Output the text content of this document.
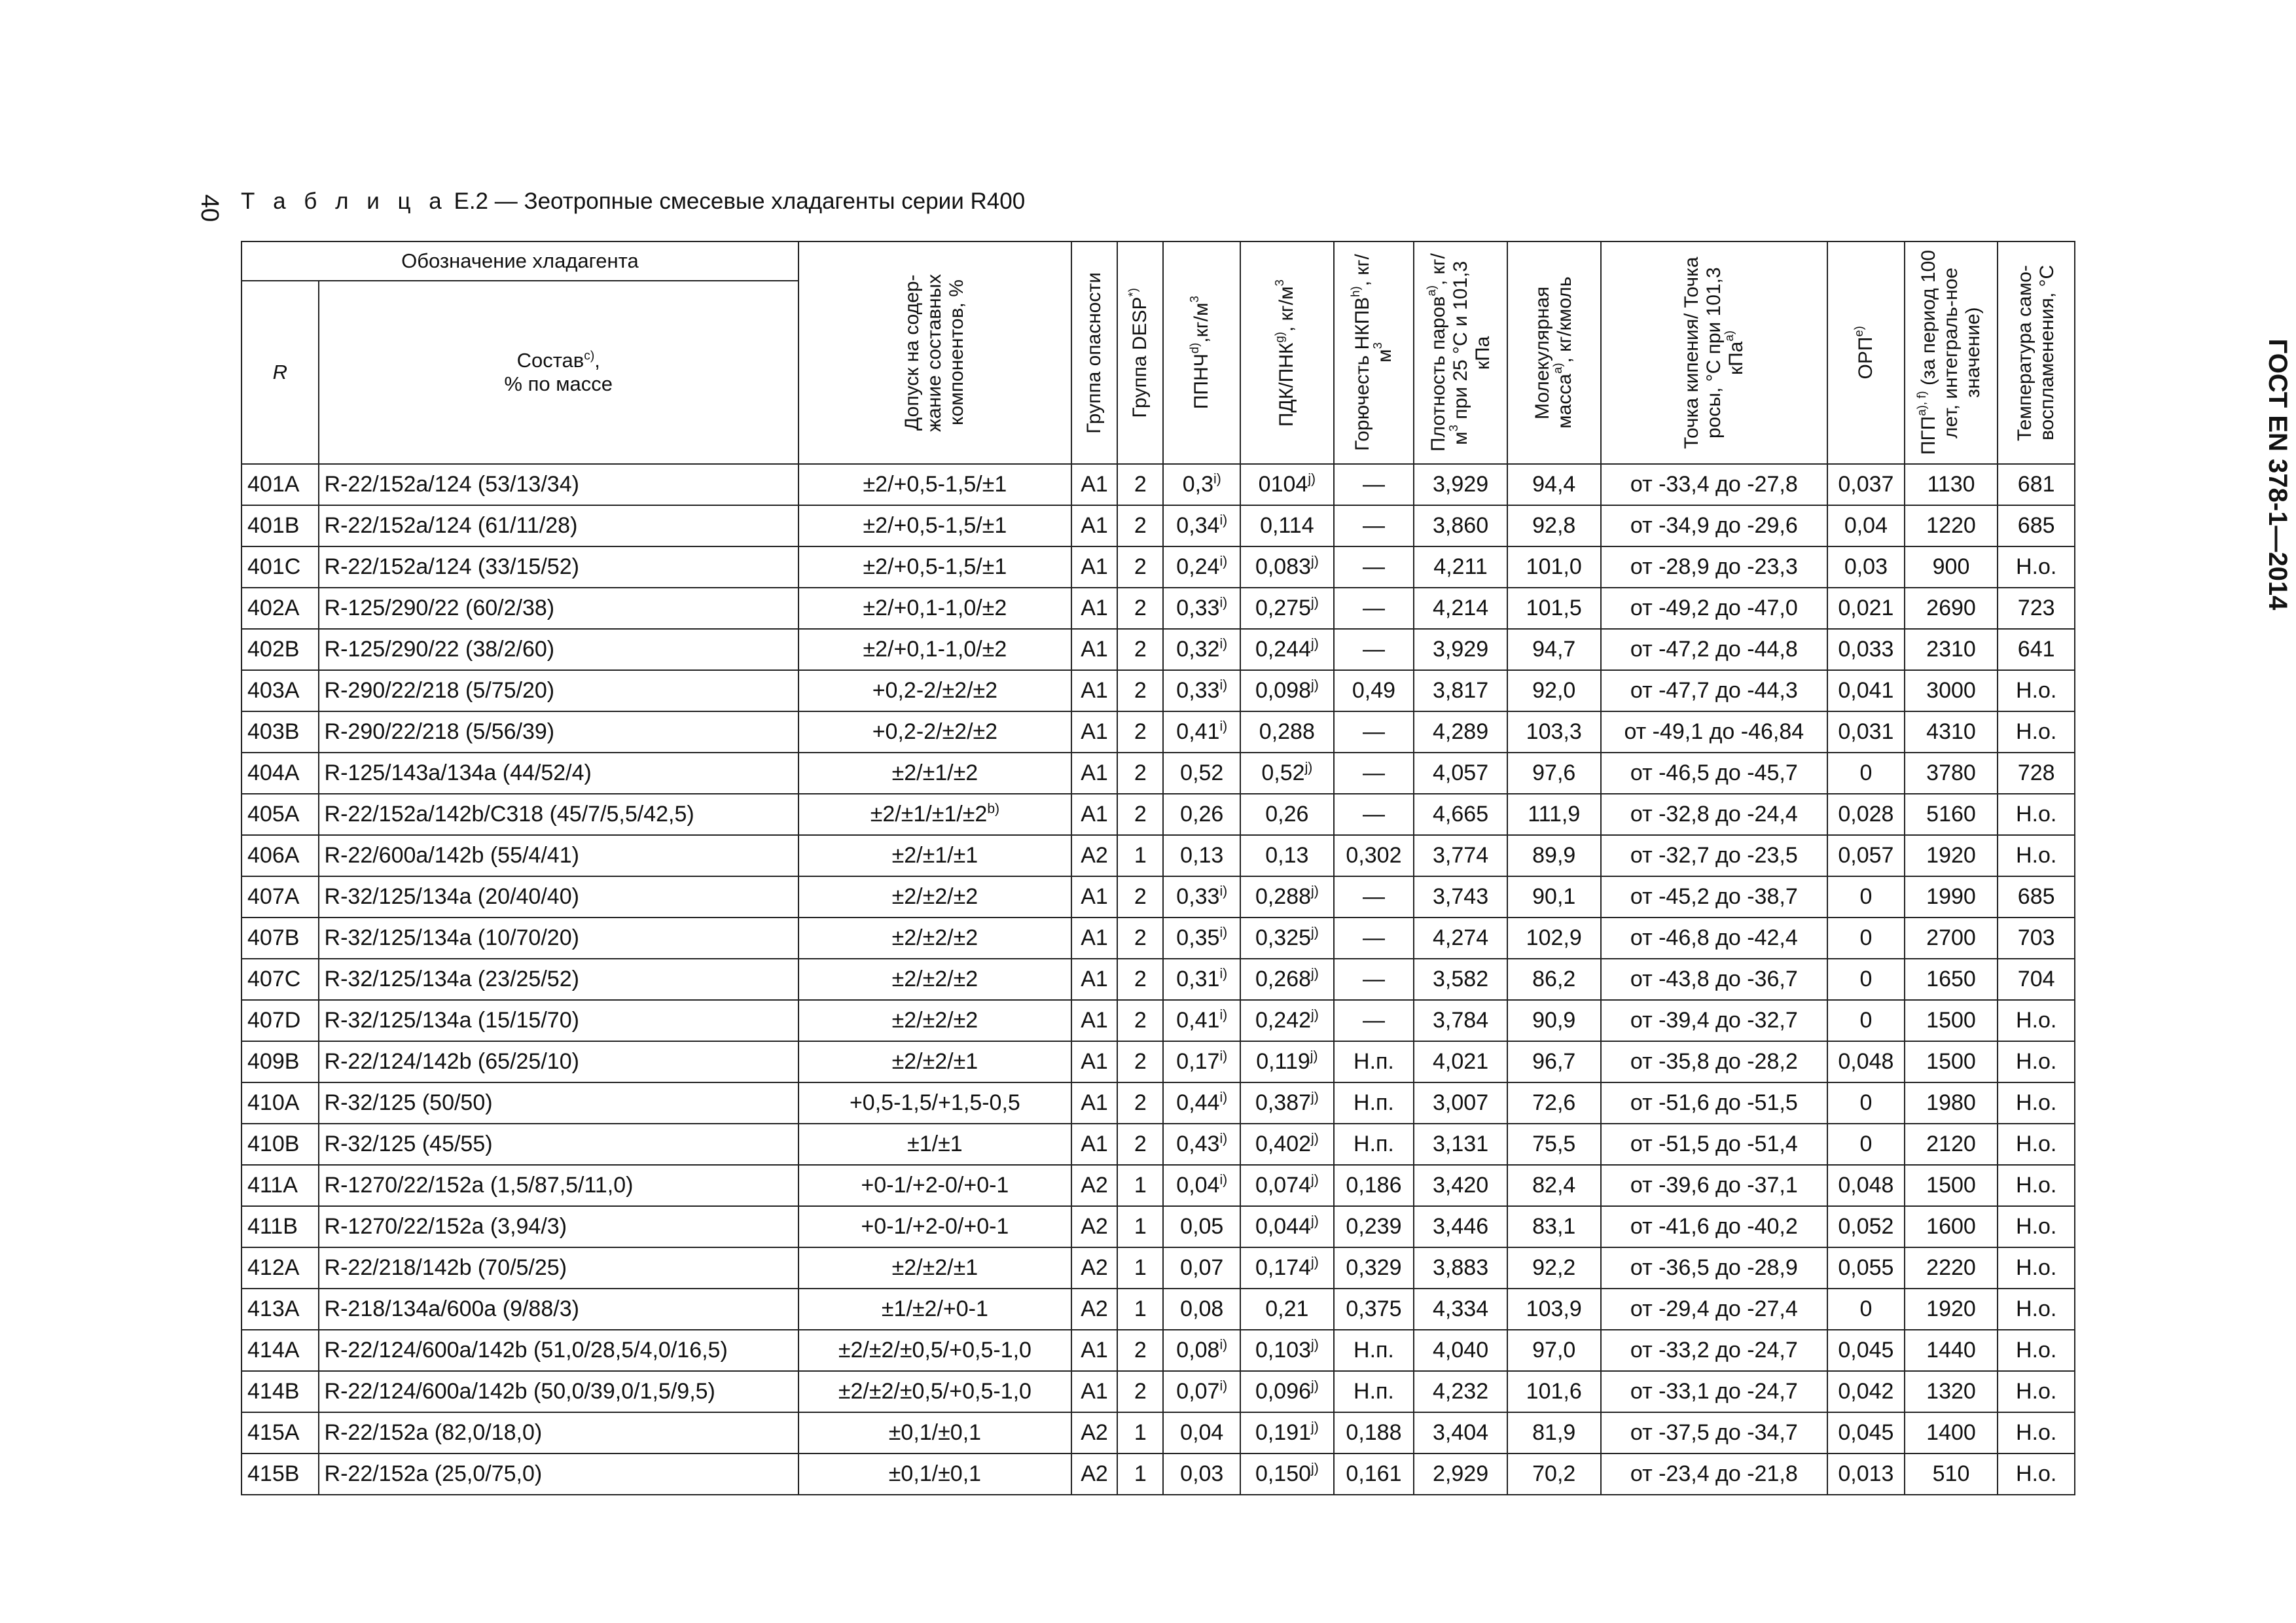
40 Т а б л и ц а Е.2 — Зеотропные смесевые хладагенты серии R400
ГОСТ EN 378-1—2014
Обозначение хладагента		Допуск на содер-жание составных компонентов, %	Группа опасности	Группа DESP*)	$ППНЧ^{d)},кг/м^3$	ПДК/ПНК$^{g)}$, $кг/м^3$	Горючесть НКПВ$^{h)}$, $кг/м^3$	Плотность паров$^{a)}$, $кг/м^3$ при 25 °C и 101,3 кПа	Молекулярная масса$^{a)}$, кг/кмоль	Точка кипения/ Точка росы, °C при 101,3 кПа$^{a)}$	ОРП$^{e)}$	$ПГП^{a), f)}$ (за период 100 лет, интеграль-ное значение)	Температура само-воспламенения, °C

R	Состав$^{c)}$,
% по массе												
401A	R-22/152a/124 (53/13/34)	±2/+0,5-1,5/±1	A1	2	0,3$^{i)}$	0104$^{j)}$	—	3,929	94,4	от -33,4 до -27,8	0,037	1130	681
401B	R-22/152a/124 (61/11/28)	±2/+0,5-1,5/±1	A1	2	0,34$^{i)}$	0,114	—	3,860	92,8	от -34,9 до -29,6	0,04	1220	685
401C	R-22/152a/124 (33/15/52)	±2/+0,5-1,5/±1	A1	2	0,24$^{i)}$	0,083$^{j)}$	—	4,211	101,0	от -28,9 до -23,3	0,03	900	Н.о.
402A	R-125/290/22 (60/2/38)	±2/+0,1-1,0/±2	A1	2	0,33$^{i)}$	0,275$^{j)}$	—	4,214	101,5	от -49,2 до -47,0	0,021	2690	723
402B	R-125/290/22 (38/2/60)	±2/+0,1-1,0/±2	A1	2	0,32$^{i)}$	0,244$^{j)}$	—	3,929	94,7	от -47,2 до -44,8	0,033	2310	641
403A	R-290/22/218 (5/75/20)	+0,2-2/±2/±2	A1	2	0,33$^{i)}$	0,098$^{j)}$	0,49	3,817	92,0	от -47,7 до -44,3	0,041	3000	Н.о.
403B	R-290/22/218 (5/56/39)	+0,2-2/±2/±2	A1	2	0,41$^{i)}$	0,288	—	4,289	103,3	от -49,1 до -46,84	0,031	4310	Н.о.
404A	R-125/143a/134a (44/52/4)	±2/±1/±2	A1	2	0,52	0,52$^{j)}$	—	4,057	97,6	от -46,5 до -45,7	0	3780	728
405A	R-22/152a/142b/C318 (45/7/5,5/42,5)	$\pm 2/\pm 1/\pm 1/\pm 2^{b)}$	A1	2	0,26	0,26	—	4,665	111,9	от -32,8 до -24,4	0,028	5160	Н.о.
406A	R-22/600a/142b (55/4/41)	±2/±1/±1	A2	1	0,13	0,13	0,302	3,774	89,9	от -32,7 до -23,5	0,057	1920	Н.о.
407A	R-32/125/134a (20/40/40)	±2/±2/±2	A1	2	0,33$^{i)}$	0,288$^{j)}$	—	3,743	90,1	от -45,2 до -38,7	0	1990	685
407B	R-32/125/134a (10/70/20)	±2/±2/±2	A1	2	0,35$^{i)}$	0,325$^{j)}$	—	4,274	102,9	от -46,8 до -42,4	0	2700	703
407C	R-32/125/134a (23/25/52)	±2/±2/±2	A1	2	0,31$^{i)}$	0,268$^{j)}$	—	3,582	86,2	от -43,8 до -36,7	0	1650	704
407D	R-32/125/134a (15/15/70)	±2/±2/±2	A1	2	0,41$^{i)}$	0,242$^{j)}$	—	3,784	90,9	от -39,4 до -32,7	0	1500	Н.о.
409B	R-22/124/142b (65/25/10)	±2/±2/±1	A1	2	0,17$^{i)}$	0,119$^{j)}$	Н.п.	4,021	96,7	от -35,8 до -28,2	0,048	1500	Н.о.
410A	R-32/125 (50/50)	+0,5-1,5/+1,5-0,5	A1	2	0,44$^{i)}$	0,387$^{j)}$	Н.п.	3,007	72,6	от -51,6 до -51,5	0	1980	Н.о.
410B	R-32/125 (45/55)	±1/±1	A1	2	0,43$^{i)}$	0,402$^{j)}$	Н.п.	3,131	75,5	от -51,5 до -51,4	0	2120	Н.о.
411A	R-1270/22/152a (1,5/87,5/11,0)	+0-1/+2-0/+0-1	A2	1	0,04$^{i)}$	0,074$^{j)}$	0,186	3,420	82,4	от -39,6 до -37,1	0,048	1500	Н.о.
411B	R-1270/22/152a (3,94/3)	+0-1/+2-0/+0-1	A2	1	0,05	0,044$^{j)}$	0,239	3,446	83,1	от -41,6 до -40,2	0,052	1600	Н.о.
412A	R-22/218/142b (70/5/25)	±2/±2/±1	A2	1	0,07	0,174$^{j)}$	0,329	3,883	92,2	от -36,5 до -28,9	0,055	2220	Н.о.
413A	R-218/134a/600a (9/88/3)	±1/±2/+0-1	A2	1	0,08	0,21	0,375	4,334	103,9	от -29,4 до -27,4	0	1920	Н.о.
414A	R-22/124/600a/142b (51,0/28,5/4,0/16,5)	±2/±2/±0,5/+0,5-1,0	A1	2	0,08$^{i)}$	0,103$^{j)}$	Н.п.	4,040	97,0	от -33,2 до -24,7	0,045	1440	Н.о.
414B	R-22/124/600a/142b (50,0/39,0/1,5/9,5)	±2/±2/±0,5/+0,5-1,0	A1	2	0,07$^{i)}$	0,096$^{j)}$	Н.п.	4,232	101,6	от -33,1 до -24,7	0,042	1320	Н.о.
415A	R-22/152a (82,0/18,0)	±0,1/±0,1	A2	1	0,04	0,191$^{j)}$	0,188	3,404	81,9	от -37,5 до -34,7	0,045	1400	Н.о.
415B	R-22/152a (25,0/75,0)	±0,1/±0,1	A2	1	0,03	0,150$^{j)}$	0,161	2,929	70,2	от -23,4 до -21,8	0,013	510	Н.о.
